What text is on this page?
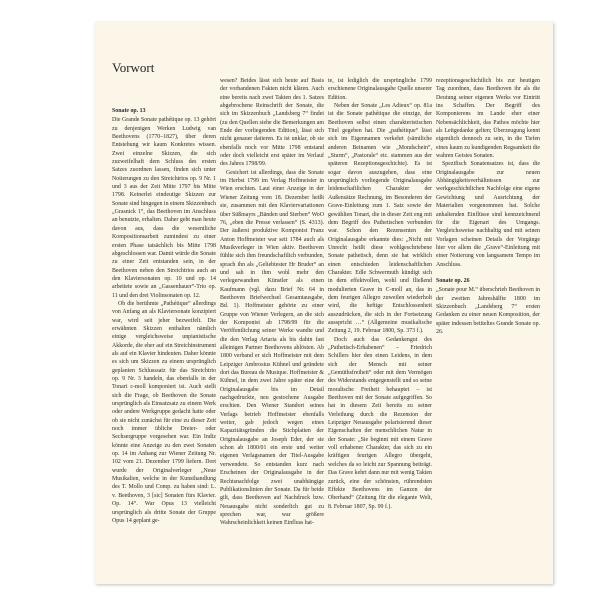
Vorwort
Sonate op. 13

Die Grande Sonate pathétique op. 13 gehört zu denjenigen Werken Ludwig van Beethovens (1770–1827), über deren Entstehung wir kaum Konkretes wissen. Zwei einzelne Skizzen, die sich zuzweifelhaft dem Schluss des ersten Satzes zuordnen lassen, finden sich unter Notierungen zu den Streichtrios op. 9 Nr. 1 und 3 aus der Zeit Mitte 1797 bis Mitte 1798. Keinerlei eindeutige Skizzen zur Sonate sind hingegen in einem Skizzenbuch „Grasnick 1“, das Beethoven im Anschluss an benutzte, erhalten. Daher geht man heute davon aus, dass die wesentliche Kompositionsarbeit zumindest zu einer ersten Phase tatsächlich bis Mitte 1798 abgeschlossen war. Damit würde die Sonate zu einer Zeit entstanden sein, in der Beethoven neben den Streichtrios auch an den Klaviersonaten op. 10 und op. 14 arbeitete sowie an „Gassenhauer“-Trio op. 11 und den drei Violinsonaten op. 12.

Ob die berühmte „Pathétique“ allerdings von Anfang an als Klaviersonate konzipiert war, wird seit jeher bezweifelt. Die erwähnten Skizzen enthalten nämlich einige vergleichsweise unpianistische Akkorde, die eher auf ein Streichinstrument als auf ein Klavier hindeuten. Daher könnte es sich um Skizzen zu einem ursprünglich geplanten Schlusssatz für das Streichtrio op. 9 Nr. 3 handeln, das ebenfalls in der Tonart c-moll komponiert ist. Auch stellt sich die Frage, ob Beethoven die Sonate ursprünglich als Einsatzsatz zu einem Werk oder andere Werkgruppe gedacht hatte oder ob sie nicht zunächst für eine zu dieser Zeit noch immer übliche Dreier- oder Sechsergruppe vorgesehen war. Ein Indiz könnte eine Anzeige zu den zwei Sonaten op. 14 im Anhang zur Wiener Zeitung Nr. 102 vom 21. Dezember 1799 liefern. Dort wurde der Originalverleger „Neue Musikalien, welche in der Kunsthandlung des T. Mollo und Comp. zu haben sind: L. v. Beethoven, 3 [sic] Sonaten fürs Klavier. Op. 14“. War Opus 13 vielleicht ursprünglich als dritte Sonate der Gruppe Opus 14 geplant ge-

wesen? Beides lässt sich heute auf Basis der vorhandenen Fakten nicht klären. Auch eine bereits nach zwei Takten des 1. Satzes abgebrochene Reinschrift der Sonate, die sich im Skizzenbuch „Landsberg 7“ findet (zu den Quellen siehe die Bemerkungen am Ende der vorliegenden Edition), lässt sich nicht genauer datieren. Es ist unklar, ob sie ebenfalls noch vor Mitte 1798 entstand oder doch vielleicht erst später im Verlauf des Jahres 1798/99.

Gesichert ist allerdings, dass die Sonate im Herbst 1799 im Verlag Hoffmeister in Wien erschien. Laut einer Anzeige in der Wiener Zeitung vom 18. Dezember heißt sie, zusammen mit den Klaviervariationen über Süßmayrs „Bänden und Sterben“ WoO 76, „eben die Presse verlassen“ (S. 4313). Der äußerst produktive Komponist Franz Anton Hoffmeister war seit 1784 auch als Musikverleger in Wien aktiv. Beethoven fühlte sich ihm freundschaftlich verbunden, sprach ihn als „Geliebtester Hr Bruder“ an und sah in ihm wohl mehr den verlegerwandten Künstler als einen Kaufmann (vgl. dazu Brief Nr. 64 in Beethoven Briefwechsel Gesamtausgabe, Bd. 1). Hoffmeister gehörte zu einer Gruppe von Wiener Verlegern, an die sich der Komponist ab 1798/99 für die Veröffentlichung seiner Werke wandte und die den Verlag Artaria als bis dahin fast alleinigen Partner Beethovens ablösten. Ab 1800 verband er sich Hoffmeister mit dem Leipziger Ambrosius Kühnel und gründete dort das Bureau de Musique. Hoffmeister & Kühnel, in dem zwei Jahre später eine der Originalausgabe bis im Detail nachgedruckte, neu gestochene Ausgabe erschien. Den Wiener Standort seines Verlags betrieb Hoffmeister ebenfalls weiter, gab jedoch wegen eines Kapazitätsgründen die Stichplatten der Originalausgabe an Joseph Eder, der sie schon ab 1800/01 ein erste und weiter eigenen Verlagsnamen der Titel-Ausgabe verwendete. So entstanden kurz nach Erscheinen der Originalausgabe in der Rechtsnachfolge zwei unabhängige Publikationslinien der Sonate. Da für beide gilt, dass Beethoven auf Nachdruck bzw. Neuausgabe nicht sonderlich gut zu sprechen war, war größere Wahrscheinlichkeit keinen Einfluss hat-

te, ist lediglich die ursprüngliche 1799 erschienene Originalausgabe Quelle unserer Edition.

Neben der Sonate „Les Adieux“ op. 81a ist die Sonate pathétique die einzige, der Beethoven selbst einen charakteristischen Titel gegeben hat. Die „pathétique“ lässt sich im Eigennamen verkehrt (sämtliche anderen Beinamen wie „Mondschein“, „Sturm“, „Pastorale“ etc. stammen aus der späteren Rezeptionsgeschichte). Es ist sogar davon auszugehen, dass eine ursprünglich vorliegende Originalausgabe leidenschaftlichen Charakter der Außensätze Rechnung, im Besonderen der Grave-Einleitung zum 1. Satz sowie der gewählten Tonart, die in dieser Zeit eng mit dem Begriff des Pathetischen verbunden war. Schon den Rezensenten der Originalausgabe erkannte dies: „Nicht mit Unrecht heißt diese wohlgeschriebene Sonate pathetisch, denn sie hat wirklich einen entschieden leidenschaftlichen Charakter. Edle Schwermuth kündigt sich in dem effektvollen, wohl und fließend modulierten Grave in C-moll an, das in dem feurigen Allegro zuweilen wiederholt wird, die heftige Entschlossenheit auszudrücken, die sich in der Fortsetzung ausspricht …“ (Allgemeine musikalische Zeitung 2, 19. Februar 1800, Sp. 373 f.).

Doch auch das Gedankengut des „Pathetisch-Erhabenen“ – Friedrich Schillers hier den einen Leidens, in dem sich der Mensch mit seiner „Gemüthsfreiheit“ oder mit dem Vermögen des Widerstands entgegenstellt und so seine moralische Freiheit behauptet – ist Beethoven mit der Sonate aufgegriffen. So hat in diesem Zeit bereits zu seiner Verleihung durch die Rezension der Leipziger Neuausgabe polarisierend dieser Eigenschaften der menschlichen Natur in der Sonate: „Sie beginnt mit einem Grave voll erhabener Charakter, das sich zu ein kräftigen feurigen Allegro übergeht, welches da so leicht zur Spannung beiträgt. Das Grave kehrt dann nur mit wenig Takten zurück, eine der schönsten, rührendsten Effekte Beethovens im Ganzen der Oberhand“ (Zeitung für die elegante Welt, 8. Februar 1807, Sp. 99 f.).

rezeptionsgeschichtlich bis zur heutigen Tag zuordnen, dass Beethoven ihr als die Deutung seiner eigenen Werks vor Eintritt ins Schaffen. Der Begriff des Komponierens im Lande eher einer Nebensächlichkeit, das Pathos möchte hier als Leitgedanke gelten; Überzeugung kennt eigentlich dennoch zu sein, in die Tiefen eines kaum zu kundigenden Regsamkeit die wahren Geistes Sonaten.

Spezifisch Sonatensatzes ist, dass die Originalausgabe zur neuen Abhängigkeitsverhältnissen zur werkgeschichtlichen Nachfolge eine eigene Gewichtung und Ausrichtung der Materialien vorgenommen hat. Solche anhaltenden Einflüsse sind kennzeichnend für die Eigenart des Umgangs. Vergleichsweise nachhaltig und mit seinen Vorlagen scheinen Details der Vorgänge hier vor allem die „Grave“-Einleitung mit einer Notierung von langsamem Tempo im Anschluss.

Sonate op. 26

„Sonate pour M.“ überschrieb Beethoven in der zweiten Jahreshälfte 1800 im Skizzenbuch „Landsberg 7“ ersten Gedanken zu einer neuen Komposition, der später indessen betiteltes Grande Sonate op. 26.
